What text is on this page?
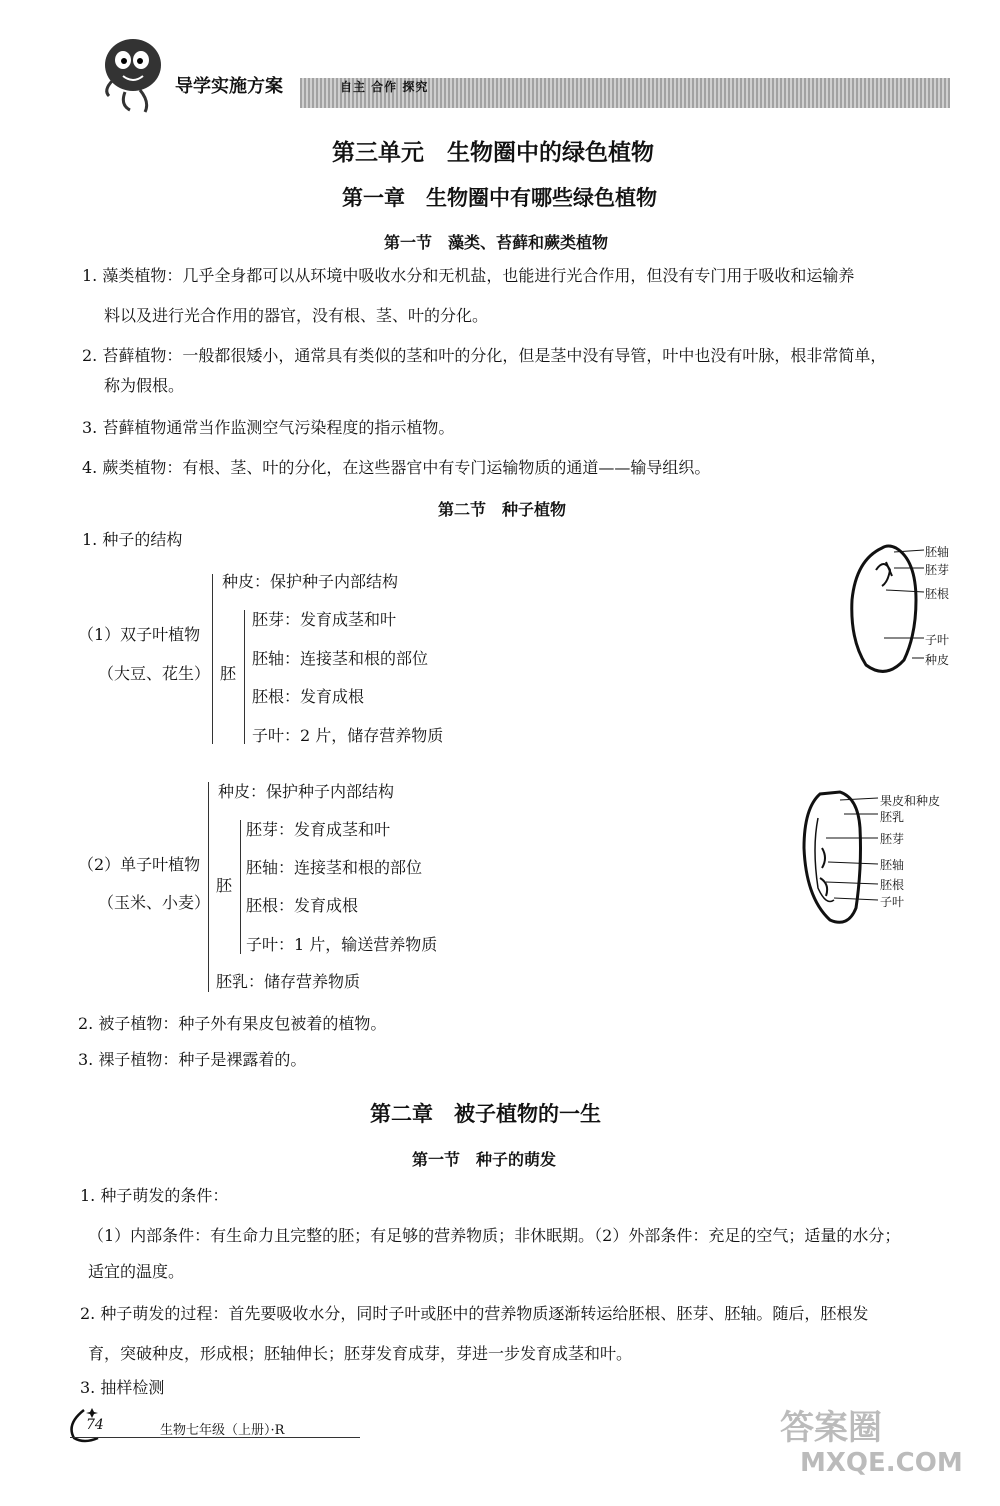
导学实施方案	自主 合作 探究
第三单元　生物圈中的绿色植物
第一章　生物圈中有哪些绿色植物
第一节　藻类、苔藓和蕨类植物
1. 藻类植物：几乎全身都可以从环境中吸收水分和无机盐，也能进行光合作用，但没有专门用于吸收和运输养
料以及进行光合作用的器官，没有根、茎、叶的分化。
2. 苔藓植物：一般都很矮小，通常具有类似的茎和叶的分化，但是茎中没有导管，叶中也没有叶脉，根非常简单，
称为假根。
3. 苔藓植物通常当作监测空气污染程度的指示植物。
4. 蕨类植物：有根、茎、叶的分化，在这些器官中有专门运输物质的通道——输导组织。
第二节　种子植物
1. 种子的结构
（1）双子叶植物
（大豆、花生）
种皮：保护种子内部结构
胚
胚芽：发育成茎和叶
胚轴：连接茎和根的部位
胚根：发育成根
子叶：2 片，储存营养物质
胚轴
胚芽
胚根
子叶
种皮
（2）单子叶植物
（玉米、小麦）
种皮：保护种子内部结构
胚
胚芽：发育成茎和叶
胚轴：连接茎和根的部位
胚根：发育成根
子叶：1 片，输送营养物质
胚乳：储存营养物质
果皮和种皮
胚乳
胚芽
胚轴
胚根
子叶
2. 被子植物：种子外有果皮包被着的植物。
3. 裸子植物：种子是裸露着的。
第二章　被子植物的一生
第一节　种子的萌发
1. 种子萌发的条件：
（1）内部条件：有生命力且完整的胚；有足够的营养物质；非休眠期。（2）外部条件：充足的空气；适量的水分；
适宜的温度。
2. 种子萌发的过程：首先要吸收水分，同时子叶或胚中的营养物质逐渐转运给胚根、胚芽、胚轴。随后，胚根发
育，突破种皮，形成根；胚轴伸长；胚芽发育成芽，芽进一步发育成茎和叶。
3. 抽样检测
74	生物七年级（上册）·R	答案圈
MXQE.COM
